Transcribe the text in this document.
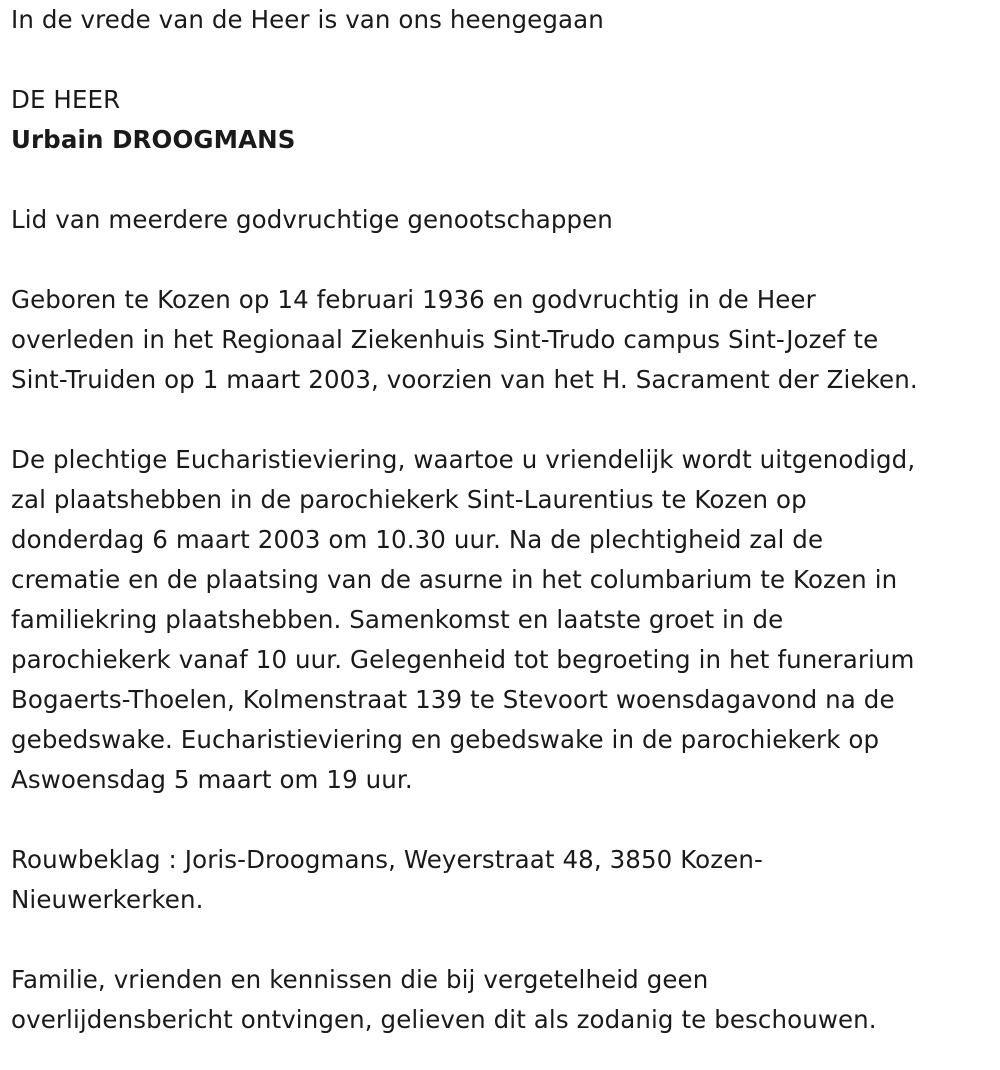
In de vrede van de Heer is van ons heengegaan

DE HEER

Urbain DROOGMANS

Lid van meerdere godvruchtige genootschappen

Geboren te Kozen op 14 februari 1936 en godvruchtig in de Heer
overleden in het Regionaal Ziekenhuis Sint-Trudo campus Sint-Jozef te
Sint-Truiden op 1 maart 2003, voorzien van het H. Sacrament der Zieken.
De plechtige Eucharistieviering, waartoe u vriendelijk wordt uitgenodigd,
zal plaatshebben in de parochiekerk Sint-Laurentius te Kozen op
donderdag 6 maart 2003 om 10.30 uur. Na de plechtigheid zal de
crematie en de plaatsing van de asurne in het columbarium te Kozen in
familiekring plaatshebben. Samenkomst en laatste groet in de
parochiekerk vanaf 10 uur. Gelegenheid tot begroeting in het funerarium
Bogaerts-Thoelen, Kolmenstraat 139 te Stevoort woensdagavond na de
gebedswake. Eucharistieviering en gebedswake in de parochiekerk op
Aswoensdag 5 maart om 19 uur.
Rouwbeklag : Joris-Droogmans, Weyerstraat 48, 3850 Kozen-
Nieuwerkerken.
Familie, vrienden en kennissen die bij vergetelheid geen
overlijdensbericht ontvingen, gelieven dit als zodanig te beschouwen.
